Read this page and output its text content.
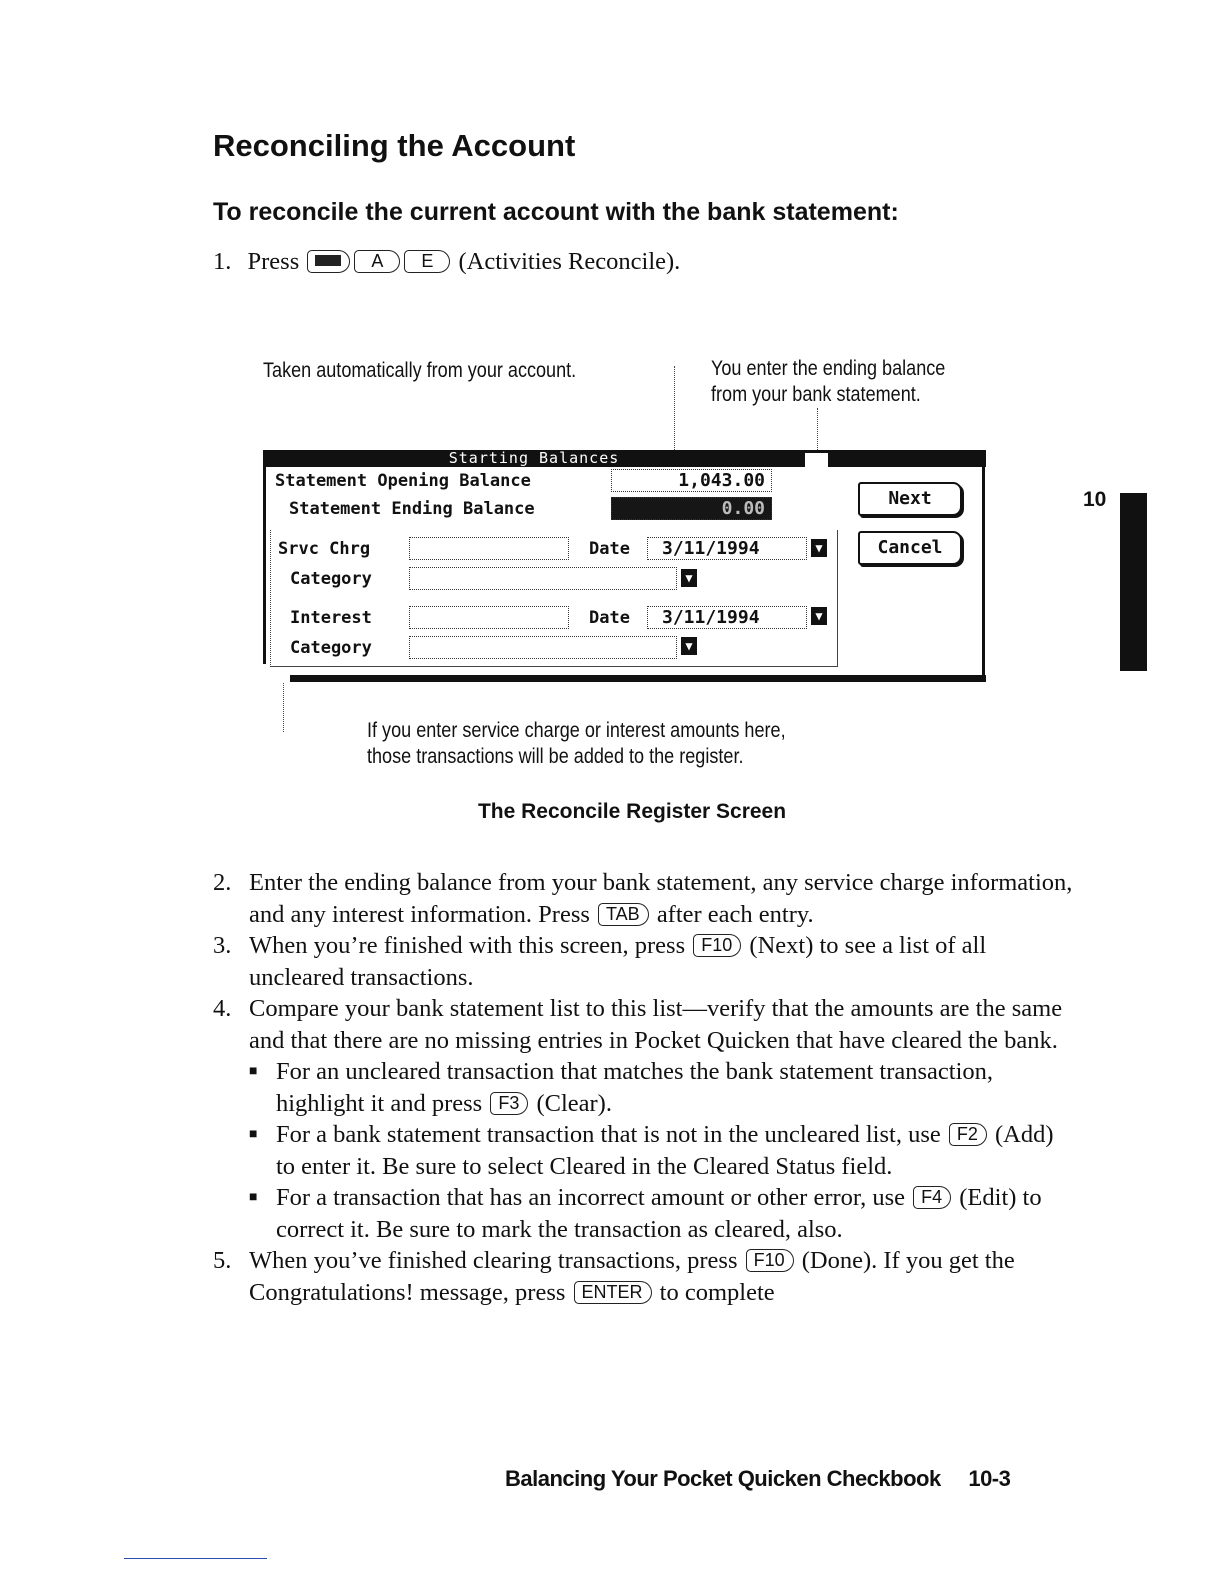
Reconciling the Account
To reconcile the current account with the bank statement:
1. Press	A E (Activities Reconcile).
Taken automatically from your account.	You enter the ending balance
from your bank statement.
Starting Balances
Statement Opening Balance	1,043.00
Statement Ending Balance	0.00
Srvc Chrg	Date	3/11/1994	▼
Category	▼
Interest	Date	3/11/1994	▼
Category	▼
Next
Cancel
If you enter service charge or interest amounts here,
those transactions will be added to the register.
The Reconcile Register Screen
2. Enter the ending balance from your bank statement, any service charge information, and any interest information. Press TAB after each entry.
3. When you’re finished with this screen, press F10 (Next) to see a list of all uncleared transactions.
4. Compare your bank statement list to this list—verify that the amounts are the same and that there are no missing entries in Pocket Quicken that have cleared the bank.
■ For an uncleared transaction that matches the bank statement transaction, highlight it and press F3 (Clear).
■ For a bank statement transaction that is not in the uncleared list, use F2 (Add) to enter it. Be sure to select Cleared in the Cleared Status field.
■ For a transaction that has an incorrect amount or other error, use F4 (Edit) to correct it. Be sure to mark the transaction as cleared, also.
5. When you’ve finished clearing transactions, press F10 (Done). If you get the Congratulations! message, press ENTER to complete
10
Balancing Your Pocket Quicken Checkbook 10-3
